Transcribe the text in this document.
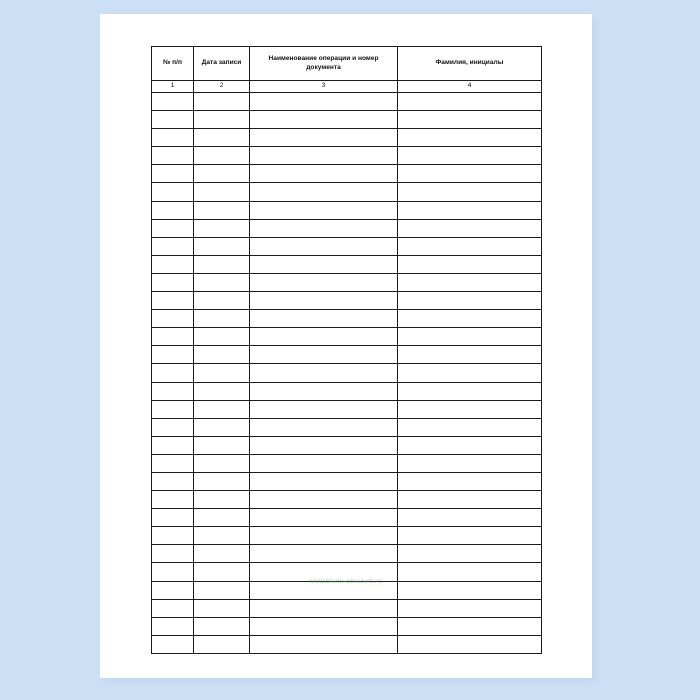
№ п/п	Дата записи	Наименование операции и номер документа	Фамилия, инициалы
1	2	3	4

www.blank-obrazets.ru
